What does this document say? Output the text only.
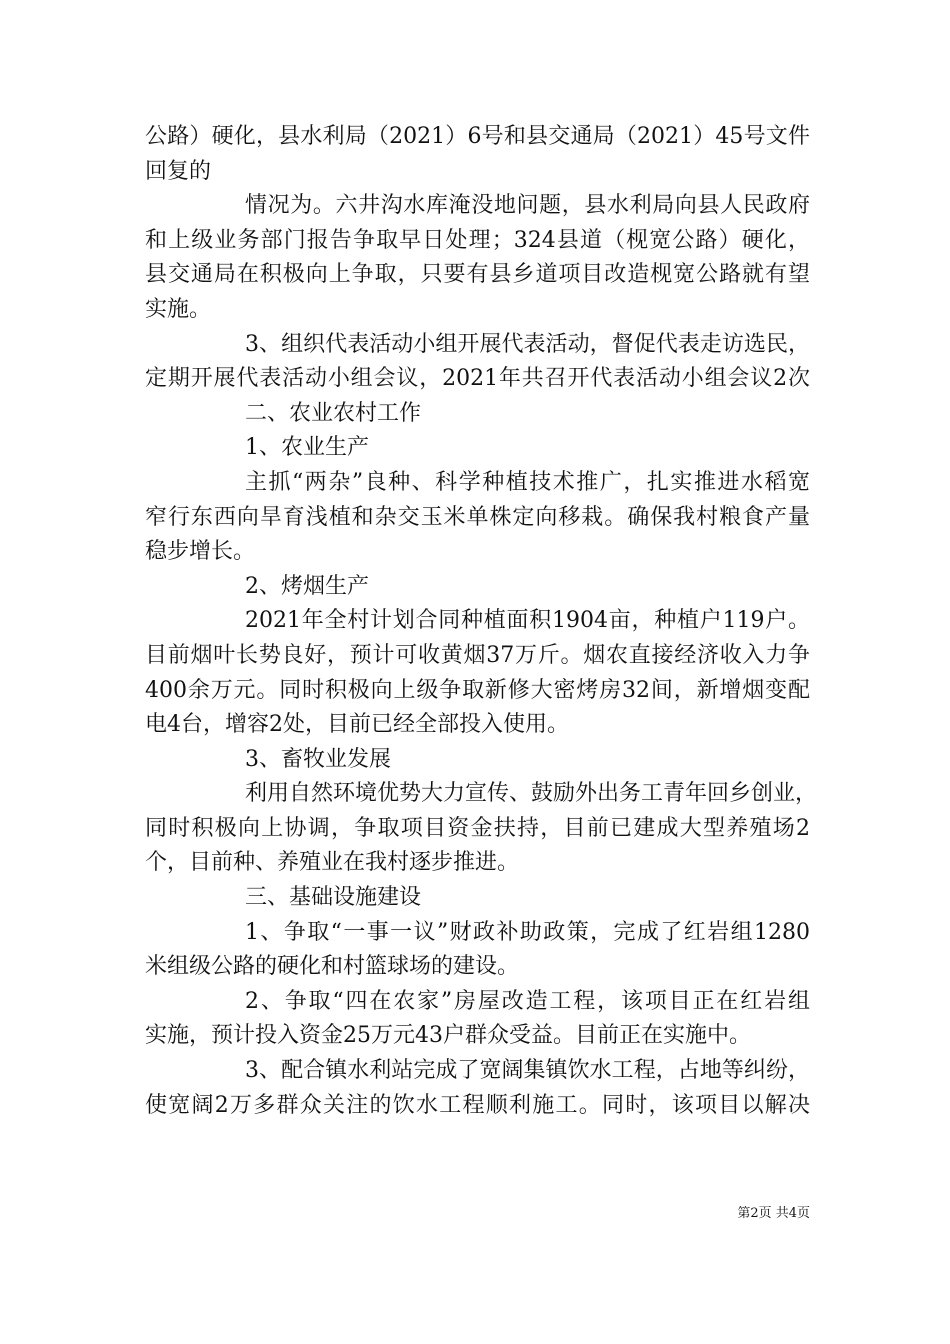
公路）硬化，县水利局（2021）6号和县交通局（2021）45号文件
回复的
情况为。六井沟水库淹没地问题，县水利局向县人民政府
和上级业务部门报告争取早日处理；324县道（枧宽公路）硬化，
县交通局在积极向上争取，只要有县乡道项目改造枧宽公路就有望
实施。
3、组织代表活动小组开展代表活动，督促代表走访选民，
定期开展代表活动小组会议，2021年共召开代表活动小组会议2次
二、农业农村工作
1、农业生产
主抓“两杂”良种、科学种植技术推广，扎实推进水稻宽
窄行东西向旱育浅植和杂交玉米单株定向移栽。确保我村粮食产量
稳步增长。
2、烤烟生产
2021年全村计划合同种植面积1904亩，种植户119户。
目前烟叶长势良好，预计可收黄烟37万斤。烟农直接经济收入力争
400余万元。同时积极向上级争取新修大密烤房32间，新增烟变配
电4台，增容2处，目前已经全部投入使用。
3、畜牧业发展
利用自然环境优势大力宣传、鼓励外出务工青年回乡创业，
同时积极向上协调，争取项目资金扶持，目前已建成大型养殖场2
个，目前种、养殖业在我村逐步推进。
三、基础设施建设
1、争取“一事一议”财政补助政策，完成了红岩组1280
米组级公路的硬化和村篮球场的建设。
2、争取“四在农家”房屋改造工程，该项目正在红岩组
实施，预计投入资金25万元43户群众受益。目前正在实施中。
3、配合镇水利站完成了宽阔集镇饮水工程，占地等纠纷，
使宽阔2万多群众关注的饮水工程顺利施工。同时，该项目以解决
第2页 共4页
